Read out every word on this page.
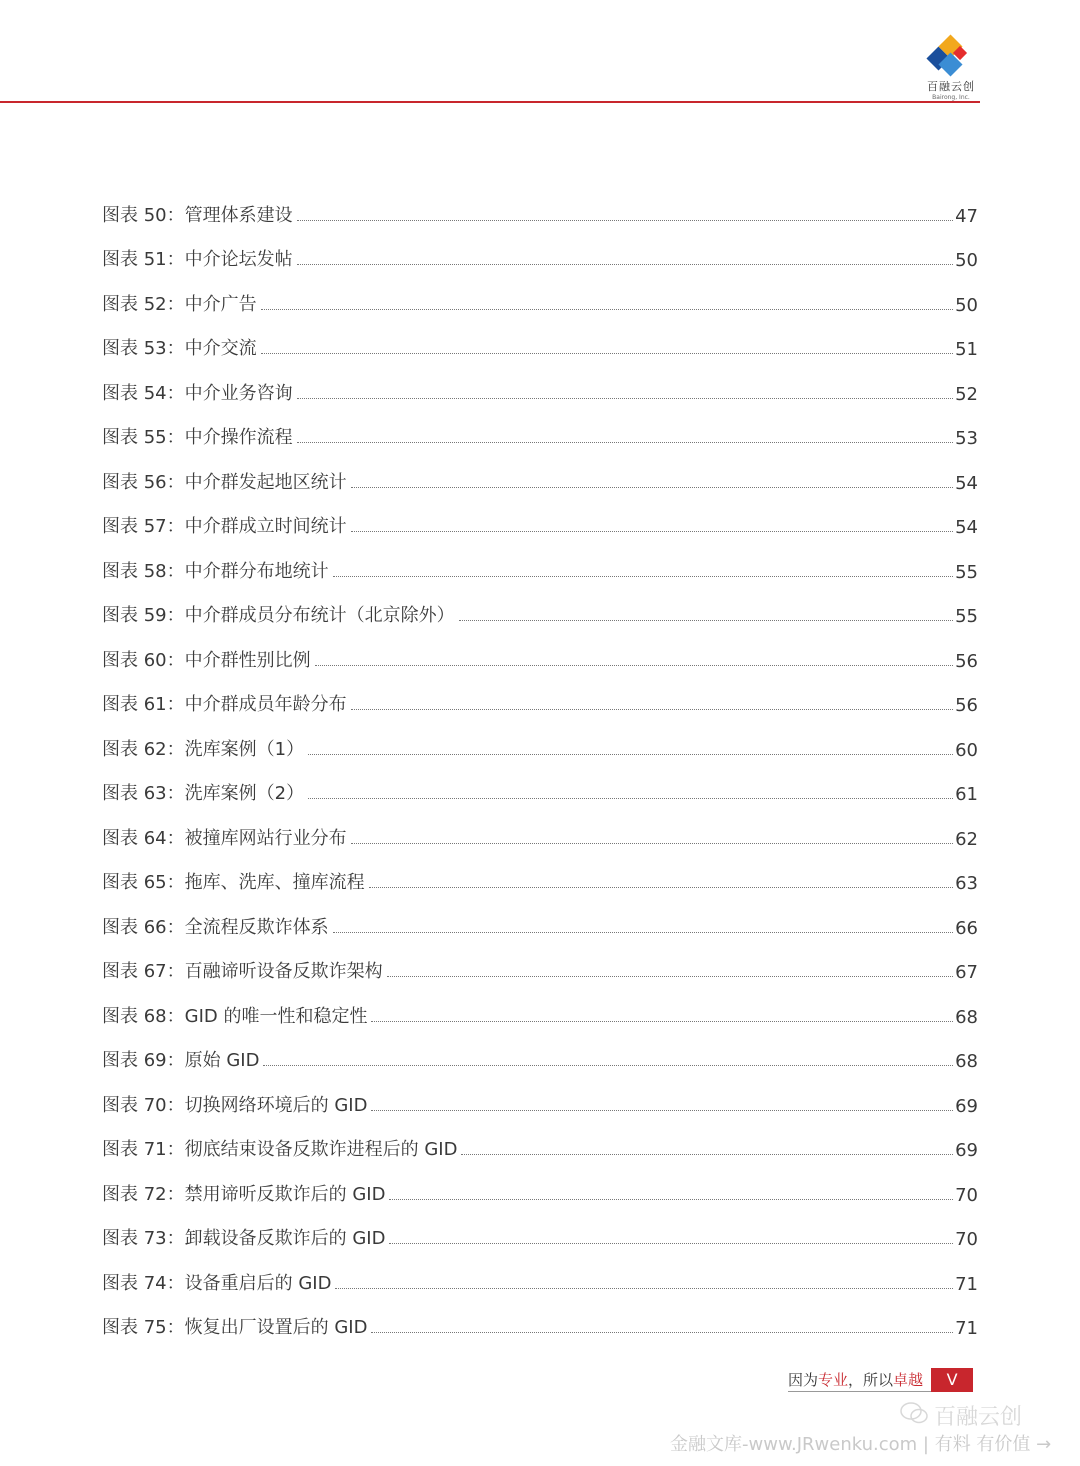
百融云创
Bairong, Inc.
图表 50：管理体系建设	47
图表 51：中介论坛发帖	50
图表 52：中介广告	50
图表 53：中介交流	51
图表 54：中介业务咨询	52
图表 55：中介操作流程	53
图表 56：中介群发起地区统计	54
图表 57：中介群成立时间统计	54
图表 58：中介群分布地统计	55
图表 59：中介群成员分布统计（北京除外）	55
图表 60：中介群性别比例	56
图表 61：中介群成员年龄分布	56
图表 62：洗库案例（1）	60
图表 63：洗库案例（2）	61
图表 64：被撞库网站行业分布	62
图表 65：拖库、洗库、撞库流程	63
图表 66：全流程反欺诈体系	66
图表 67：百融谛听设备反欺诈架构	67
图表 68：GID 的唯一性和稳定性	68
图表 69：原始 GID	68
图表 70：切换网络环境后的 GID	69
图表 71：彻底结束设备反欺诈进程后的 GID	69
图表 72：禁用谛听反欺诈后的 GID	70
图表 73：卸载设备反欺诈后的 GID	70
图表 74：设备重启后的 GID	71
图表 75：恢复出厂设置后的 GID	71
因为专业，所以卓越	V
百融云创
金融文库-www.JRwenku.com | 有料 有价值 →
